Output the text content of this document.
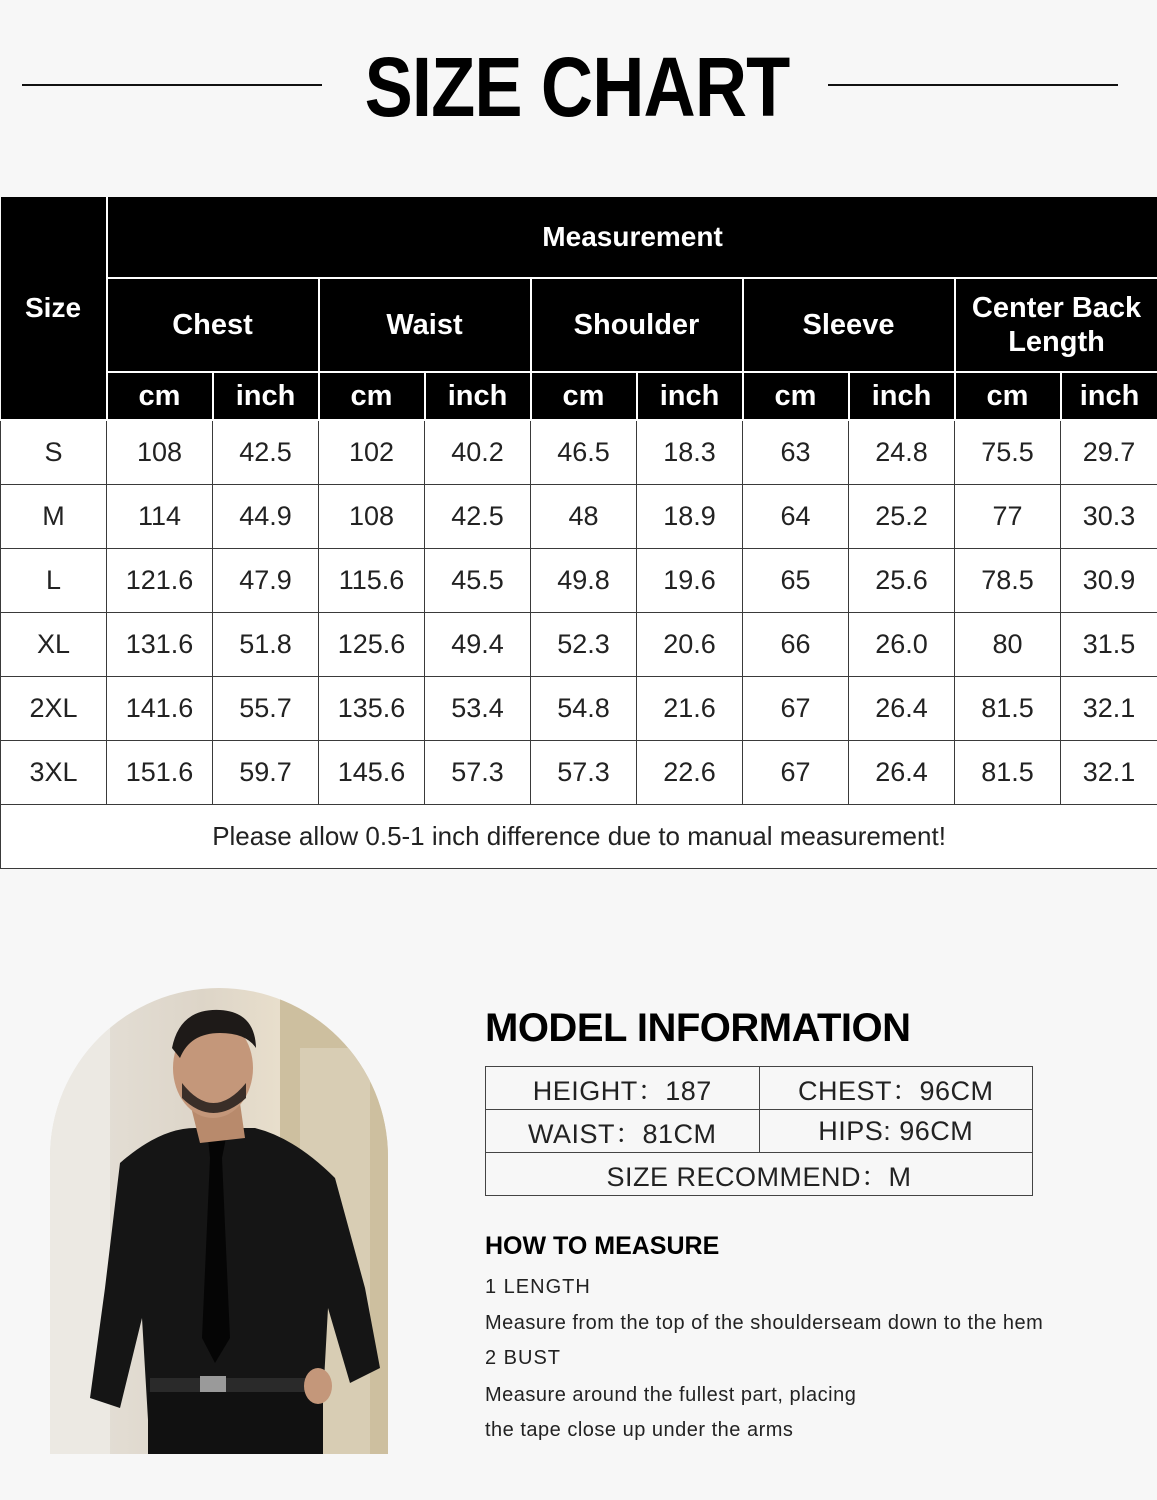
SIZE CHART
Size	Measurement									
	Chest		Waist		Shoulder		Sleeve		Center Back Length	
	cm	inch	cm	inch	cm	inch	cm	inch	cm	inch
S	108	42.5	102	40.2	46.5	18.3	63	24.8	75.5	29.7
M	114	44.9	108	42.5	48	18.9	64	25.2	77	30.3
L	121.6	47.9	115.6	45.5	49.8	19.6	65	25.6	78.5	30.9
XL	131.6	51.8	125.6	49.4	52.3	20.6	66	26.0	80	31.5
2XL	141.6	55.7	135.6	53.4	54.8	21.6	67	26.4	81.5	32.1
3XL	151.6	59.7	145.6	57.3	57.3	22.6	67	26.4	81.5	32.1
Please allow 0.5-1 inch difference due to manual measurement!										
MODEL INFORMATION
HEIGHT：187	CHEST：96CM
WAIST：81CM	HIPS: 96CM
SIZE RECOMMEND：M	
HOW TO MEASURE
1 LENGTH
Measure from the top of the shoulderseam down to the hem
2 BUST
Measure around the fullest part, placing
the tape close up under the arms
